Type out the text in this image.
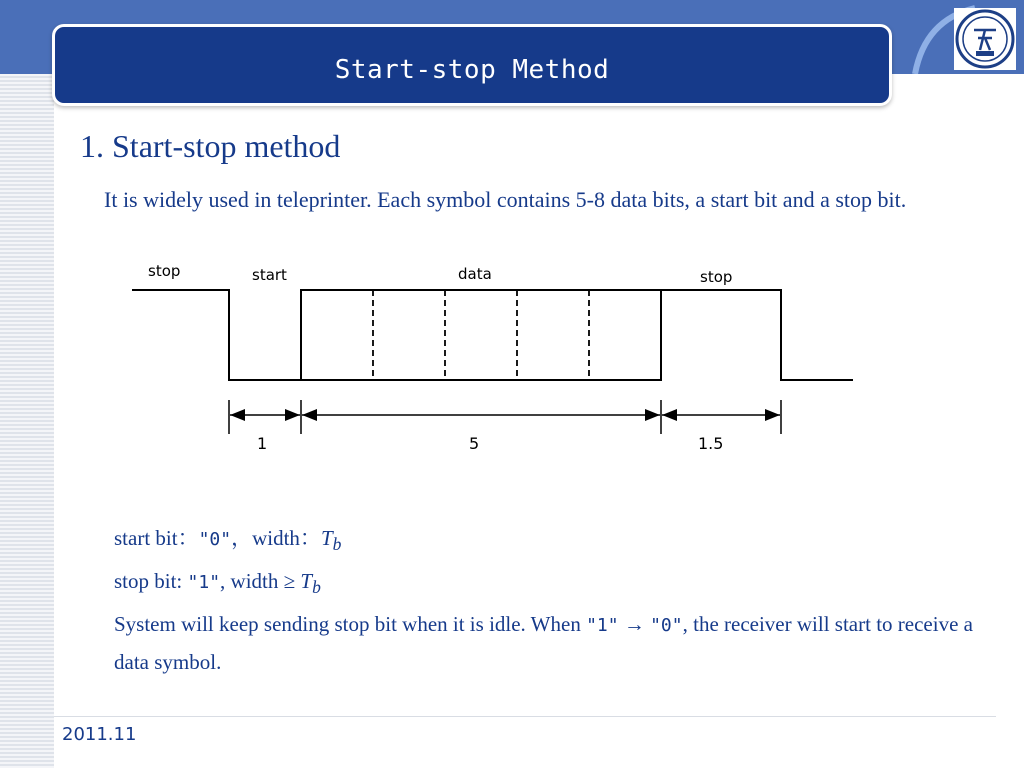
Start-stop Method
1. Start-stop method
It is widely used in teleprinter. Each symbol contains 5-8 data bits, a start bit and a stop bit.
stop	start	data	stop
1	5	1.5
start bit："0"，width：$T_b$
stop bit: "1", width ≥ $T_b$
System will keep sending stop bit when it is idle. When "1" → "0", the receiver will start to receive a data symbol.
2011.11
